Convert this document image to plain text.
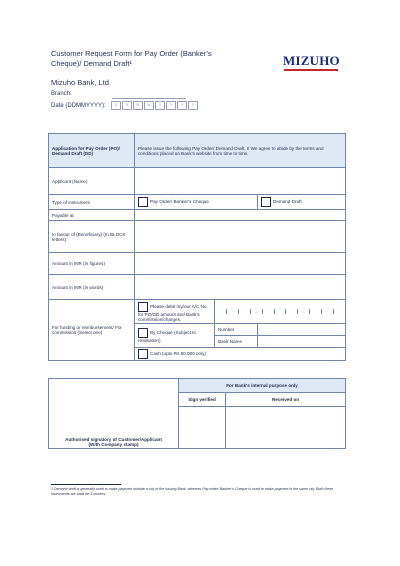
Customer Request Form for Pay Order (Banker’s
Cheque)/ Demand Draft¹	MIZUHO
Mizuho Bank, Ltd
Branch:
Date (DDMMYYYY):	D	D	M	M	Y	Y	Y	Y
Application for Pay Order (PO)/ Demand Draft (DD)	Please issue the following Pay Order/ Demand Draft. I/ We agree to abide by the terms and conditions placed on Bank’s website from time to time.		
Applicant (Name)			
Type of instrument	Pay Order/ Banker’s Cheque		Demand Draft
Payable at			
In favour of (Beneficiary) (In BLOCK letters)			
Amount in INR (in figures)			
Amount in INR (in words)			
For funding or reimbursement/ For commission (Select one)	Please debit my/our A/C No. for PO/DD amount and Bank’s commission/charges.	- -	

	By Cheque (Subject to realisation)	Number	
		Bank Name	
	Cash (upto Rs 50,000 only)		
Authorised signatory of Customer/Applicant
(With Company stamp)	For Bank’s internal purpose only	
	Sign verified	Received on

1 Demand draft is generally used to make payment outside a city of the issuing Bank, whereas Pay order/ Banker’s Cheque is used to make payment in the same city. Both these instruments are valid for 3 months.
